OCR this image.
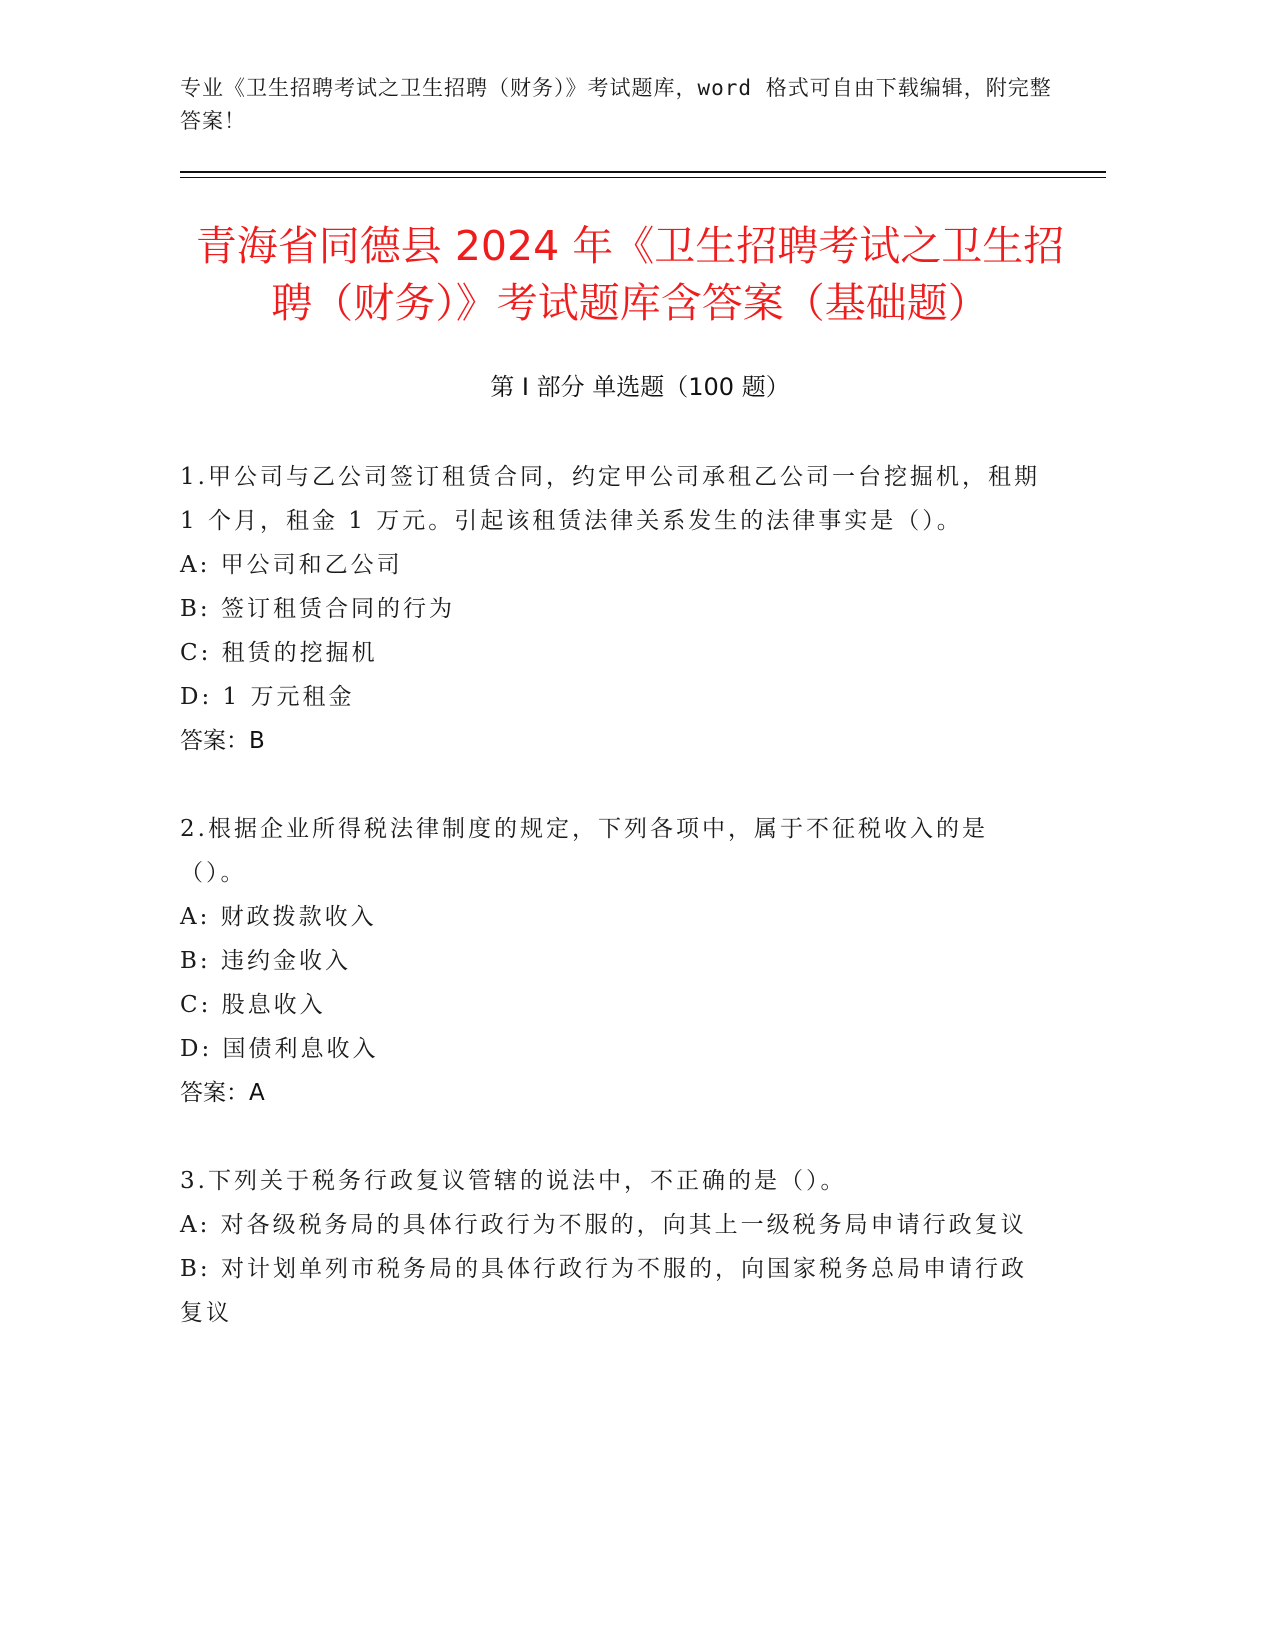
专业《卫生招聘考试之卫生招聘（财务）》考试题库，word 格式可自由下载编辑，附完整答案！
青海省同德县 2024 年《卫生招聘考试之卫生招聘（财务）》考试题库含答案（基础题）
第 I 部分 单选题（100 题）
1.甲公司与乙公司签订租赁合同，约定甲公司承租乙公司一台挖掘机，租期 1 个月，租金 1 万元。引起该租赁法律关系发生的法律事实是（）。
A: 甲公司和乙公司
B: 签订租赁合同的行为
C: 租赁的挖掘机
D: 1 万元租金
答案：B
2.根据企业所得税法律制度的规定，下列各项中，属于不征税收入的是（）。
A: 财政拨款收入
B: 违约金收入
C: 股息收入
D: 国债利息收入
答案：A
3.下列关于税务行政复议管辖的说法中，不正确的是（）。
A: 对各级税务局的具体行政行为不服的，向其上一级税务局申请行政复议
B: 对计划单列市税务局的具体行政行为不服的，向国家税务总局申请行政复议
